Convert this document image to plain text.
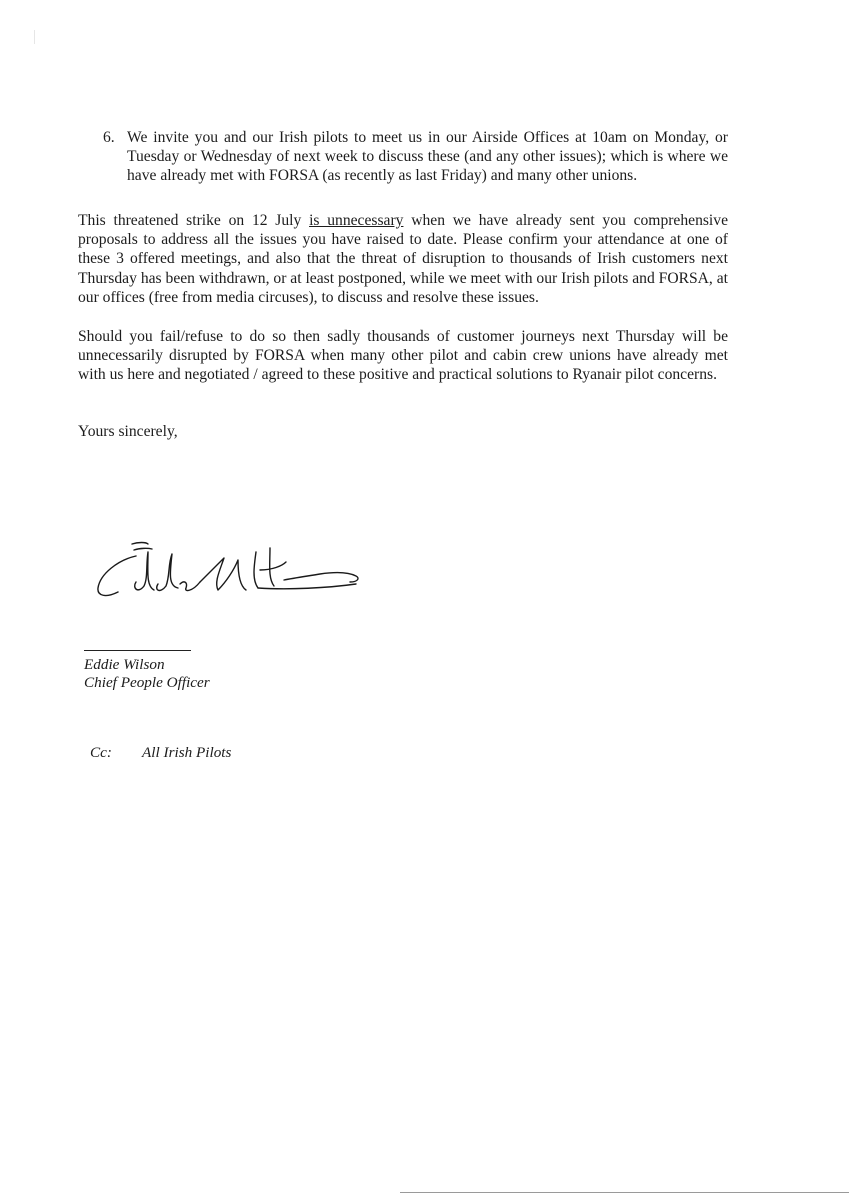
6. We invite you and our Irish pilots to meet us in our Airside Offices at 10am on Monday, or Tuesday or Wednesday of next week to discuss these (and any other issues); which is where we have already met with FORSA (as recently as last Friday) and many other unions.

This threatened strike on 12 July is unnecessary when we have already sent you comprehensive proposals to address all the issues you have raised to date. Please confirm your attendance at one of these 3 offered meetings, and also that the threat of disruption to thousands of Irish customers next Thursday has been withdrawn, or at least postponed, while we meet with our Irish pilots and FORSA, at our offices (free from media circuses), to discuss and resolve these issues.

Should you fail/refuse to do so then sadly thousands of customer journeys next Thursday will be unnecessarily disrupted by FORSA when many other pilot and cabin crew unions have already met with us here and negotiated / agreed to these positive and practical solutions to Ryanair pilot concerns.

Yours sincerely,
Eddie Wilson
Chief People Officer
Cc: All Irish Pilots
